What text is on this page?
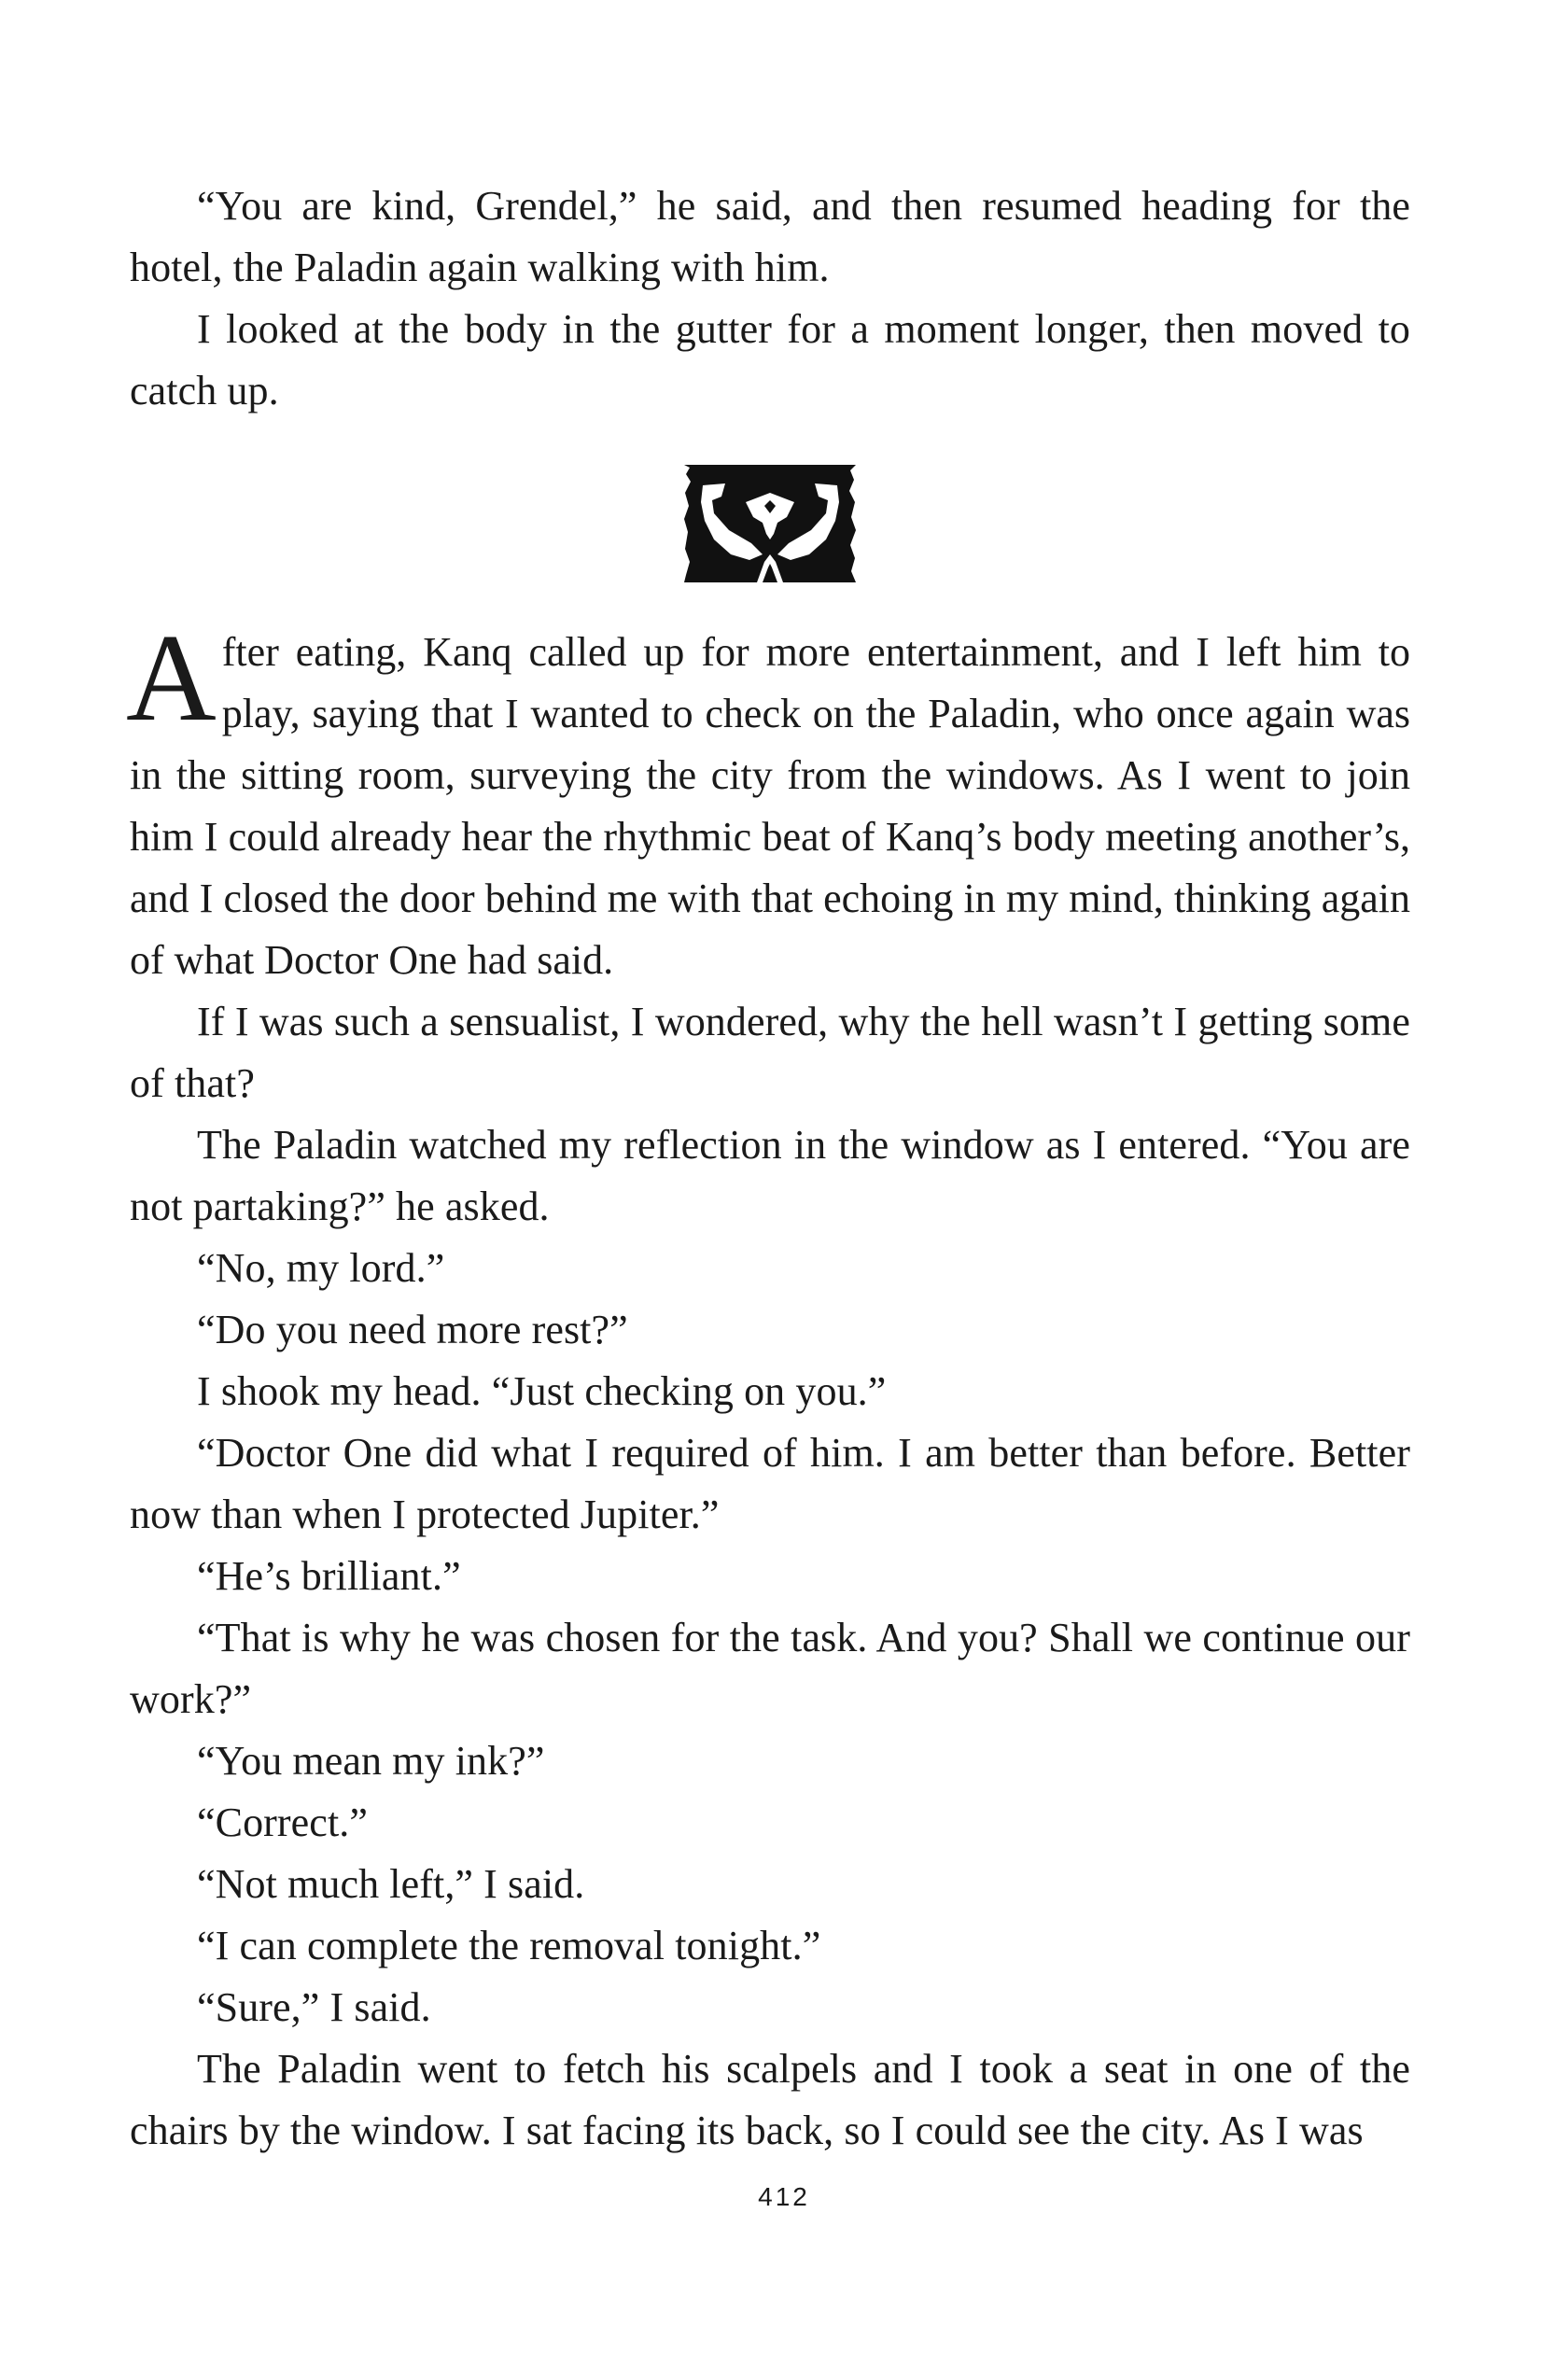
“You are kind, Grendel,” he said, and then resumed heading for the hotel, the Paladin again walking with him.

I looked at the body in the gutter for a moment longer, then moved to catch up.

After eating, Kanq called up for more entertainment, and I left him to play, saying that I wanted to check on the Paladin, who once again was in the sitting room, surveying the city from the windows. As I went to join him I could already hear the rhythmic beat of Kanq’s body meeting another’s, and I closed the door behind me with that echoing in my mind, thinking again of what Doctor One had said.

If I was such a sensualist, I wondered, why the hell wasn’t I getting some of that?

The Paladin watched my reflection in the window as I entered. “You are not partaking?” he asked.

“No, my lord.”

“Do you need more rest?”

I shook my head. “Just checking on you.”

“Doctor One did what I required of him. I am better than before. Better now than when I protected Jupiter.”

“He’s brilliant.”

“That is why he was chosen for the task. And you? Shall we continue our work?”

“You mean my ink?”

“Correct.”

“Not much left,” I said.

“I can complete the removal tonight.”

“Sure,” I said.

The Paladin went to fetch his scalpels and I took a seat in one of the chairs by the window. I sat facing its back, so I could see the city. As I was

412
